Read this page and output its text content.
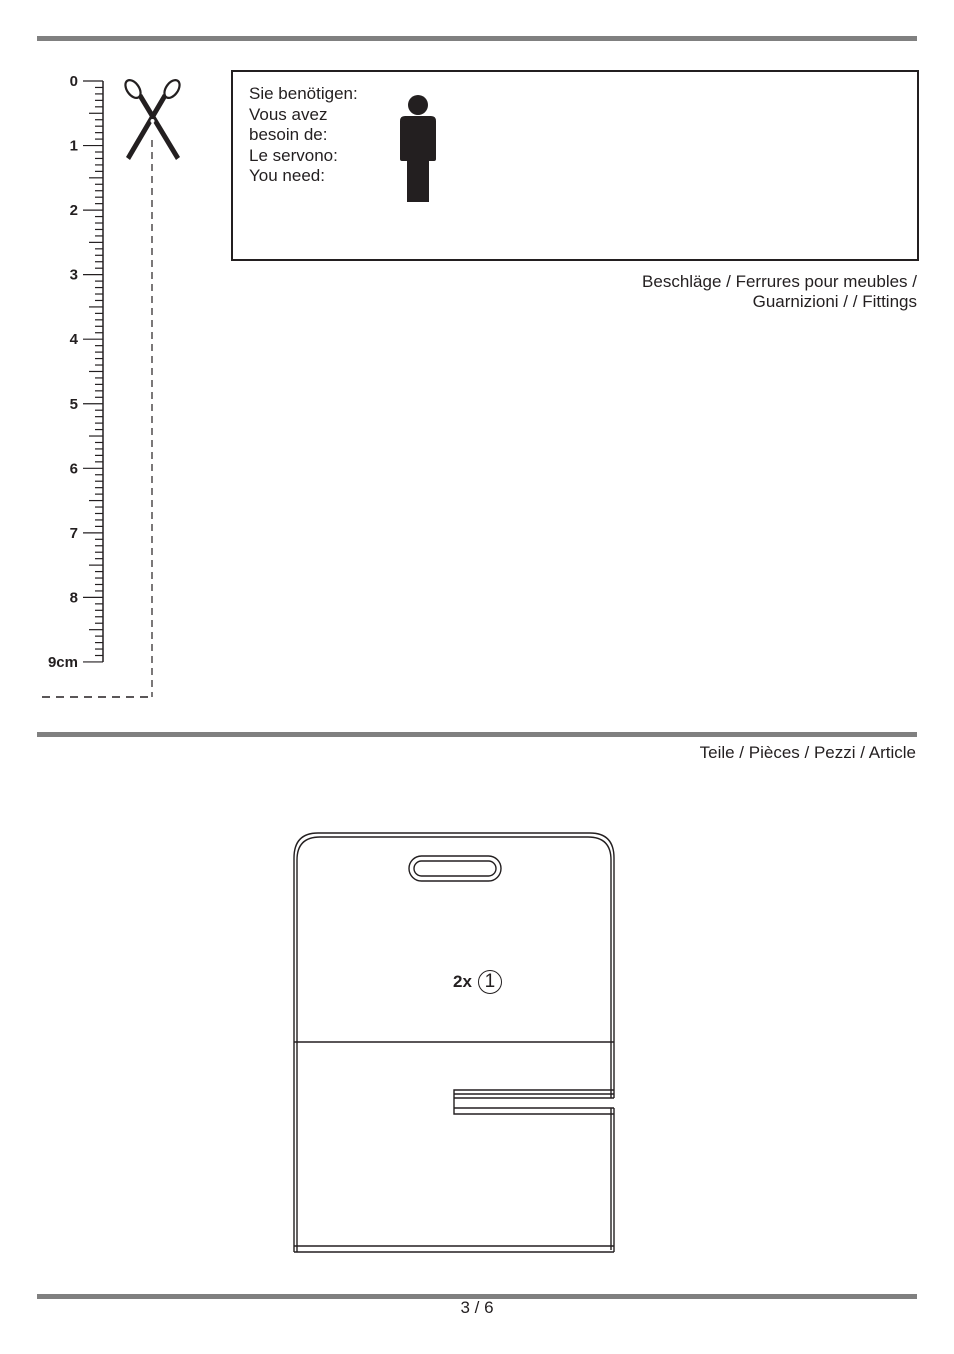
0
1
2
3
4
5
6
7
8
9cm
Sie benötigen:
Vous avez
besoin de:
Le servono:
You need:
Beschläge / Ferrures pour meubles /
Guarnizioni / / Fittings
Teile / Pièces / Pezzi / Article
2x 1
3 / 6
